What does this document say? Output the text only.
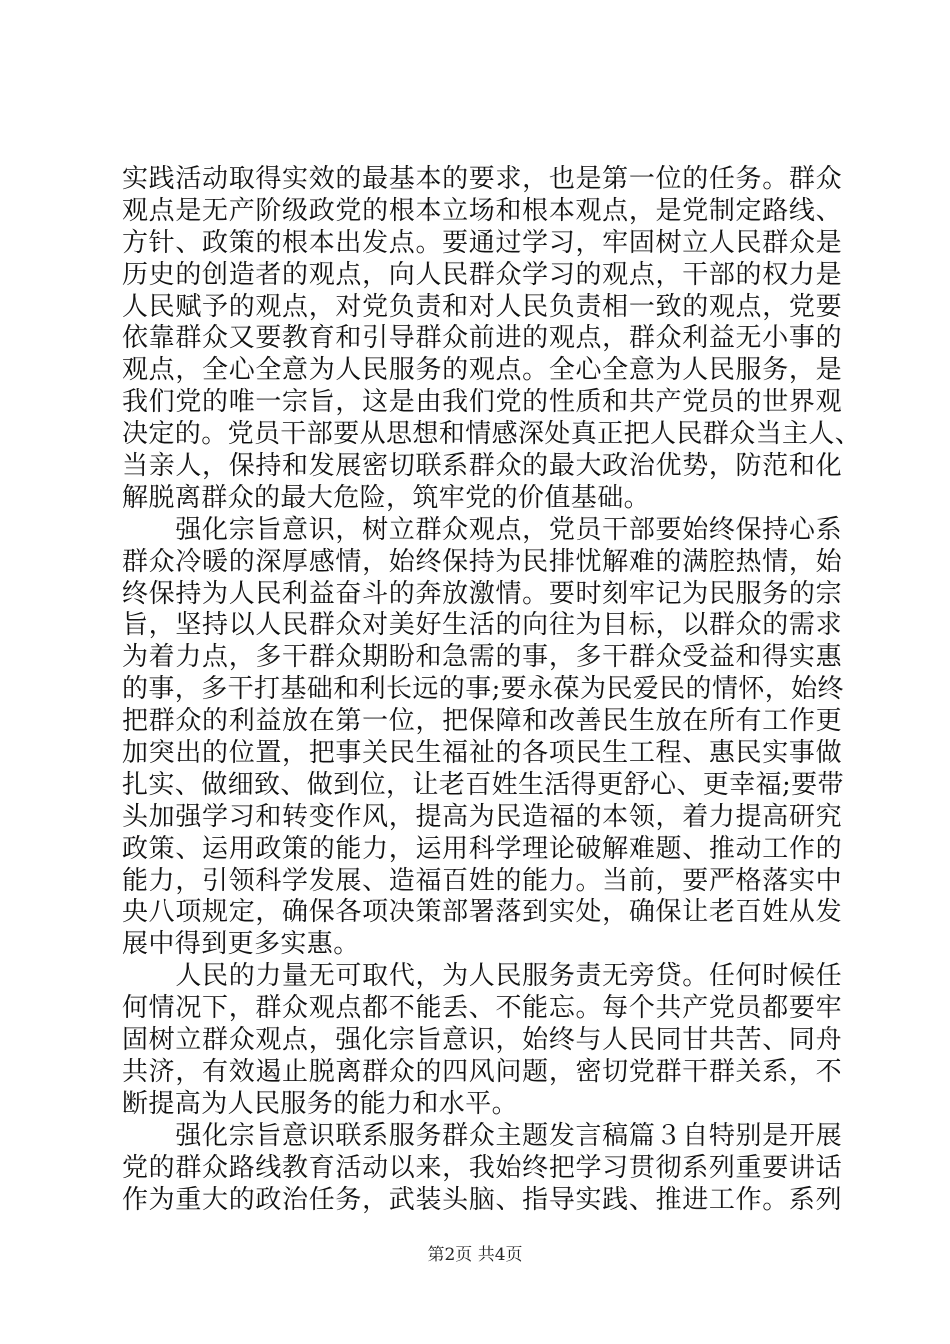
实践活动取得实效的最基本的要求，也是第一位的任务。群众
观点是无产阶级政党的根本立场和根本观点，是党制定路线、
方针、政策的根本出发点。要通过学习，牢固树立人民群众是
历史的创造者的观点，向人民群众学习的观点，干部的权力是
人民赋予的观点，对党负责和对人民负责相一致的观点，党要
依靠群众又要教育和引导群众前进的观点，群众利益无小事的
观点，全心全意为人民服务的观点。全心全意为人民服务，是
我们党的唯一宗旨，这是由我们党的性质和共产党员的世界观
决定的。党员干部要从思想和情感深处真正把人民群众当主人、
当亲人，保持和发展密切联系群众的最大政治优势，防范和化
解脱离群众的最大危险，筑牢党的价值基础。
　　强化宗旨意识，树立群众观点，党员干部要始终保持心系
群众冷暖的深厚感情，始终保持为民排忧解难的满腔热情，始
终保持为人民利益奋斗的奔放激情。要时刻牢记为民服务的宗
旨，坚持以人民群众对美好生活的向往为目标，以群众的需求
为着力点，多干群众期盼和急需的事，多干群众受益和得实惠
的事，多干打基础和利长远的事;要永葆为民爱民的情怀，始终
把群众的利益放在第一位，把保障和改善民生放在所有工作更
加突出的位置，把事关民生福祉的各项民生工程、惠民实事做
扎实、做细致、做到位，让老百姓生活得更舒心、更幸福;要带
头加强学习和转变作风，提高为民造福的本领，着力提高研究
政策、运用政策的能力，运用科学理论破解难题、推动工作的
能力，引领科学发展、造福百姓的能力。当前，要严格落实中
央八项规定，确保各项决策部署落到实处，确保让老百姓从发
展中得到更多实惠。
　　人民的力量无可取代，为人民服务责无旁贷。任何时候任
何情况下，群众观点都不能丢、不能忘。每个共产党员都要牢
固树立群众观点，强化宗旨意识，始终与人民同甘共苦、同舟
共济，有效遏止脱离群众的四风问题，密切党群干群关系，不
断提高为人民服务的能力和水平。
　　强化宗旨意识联系服务群众主题发言稿篇３自特别是开展
党的群众路线教育活动以来，我始终把学习贯彻系列重要讲话
作为重大的政治任务，武装头脑、指导实践、推进工作。系列
第2页 共4页
